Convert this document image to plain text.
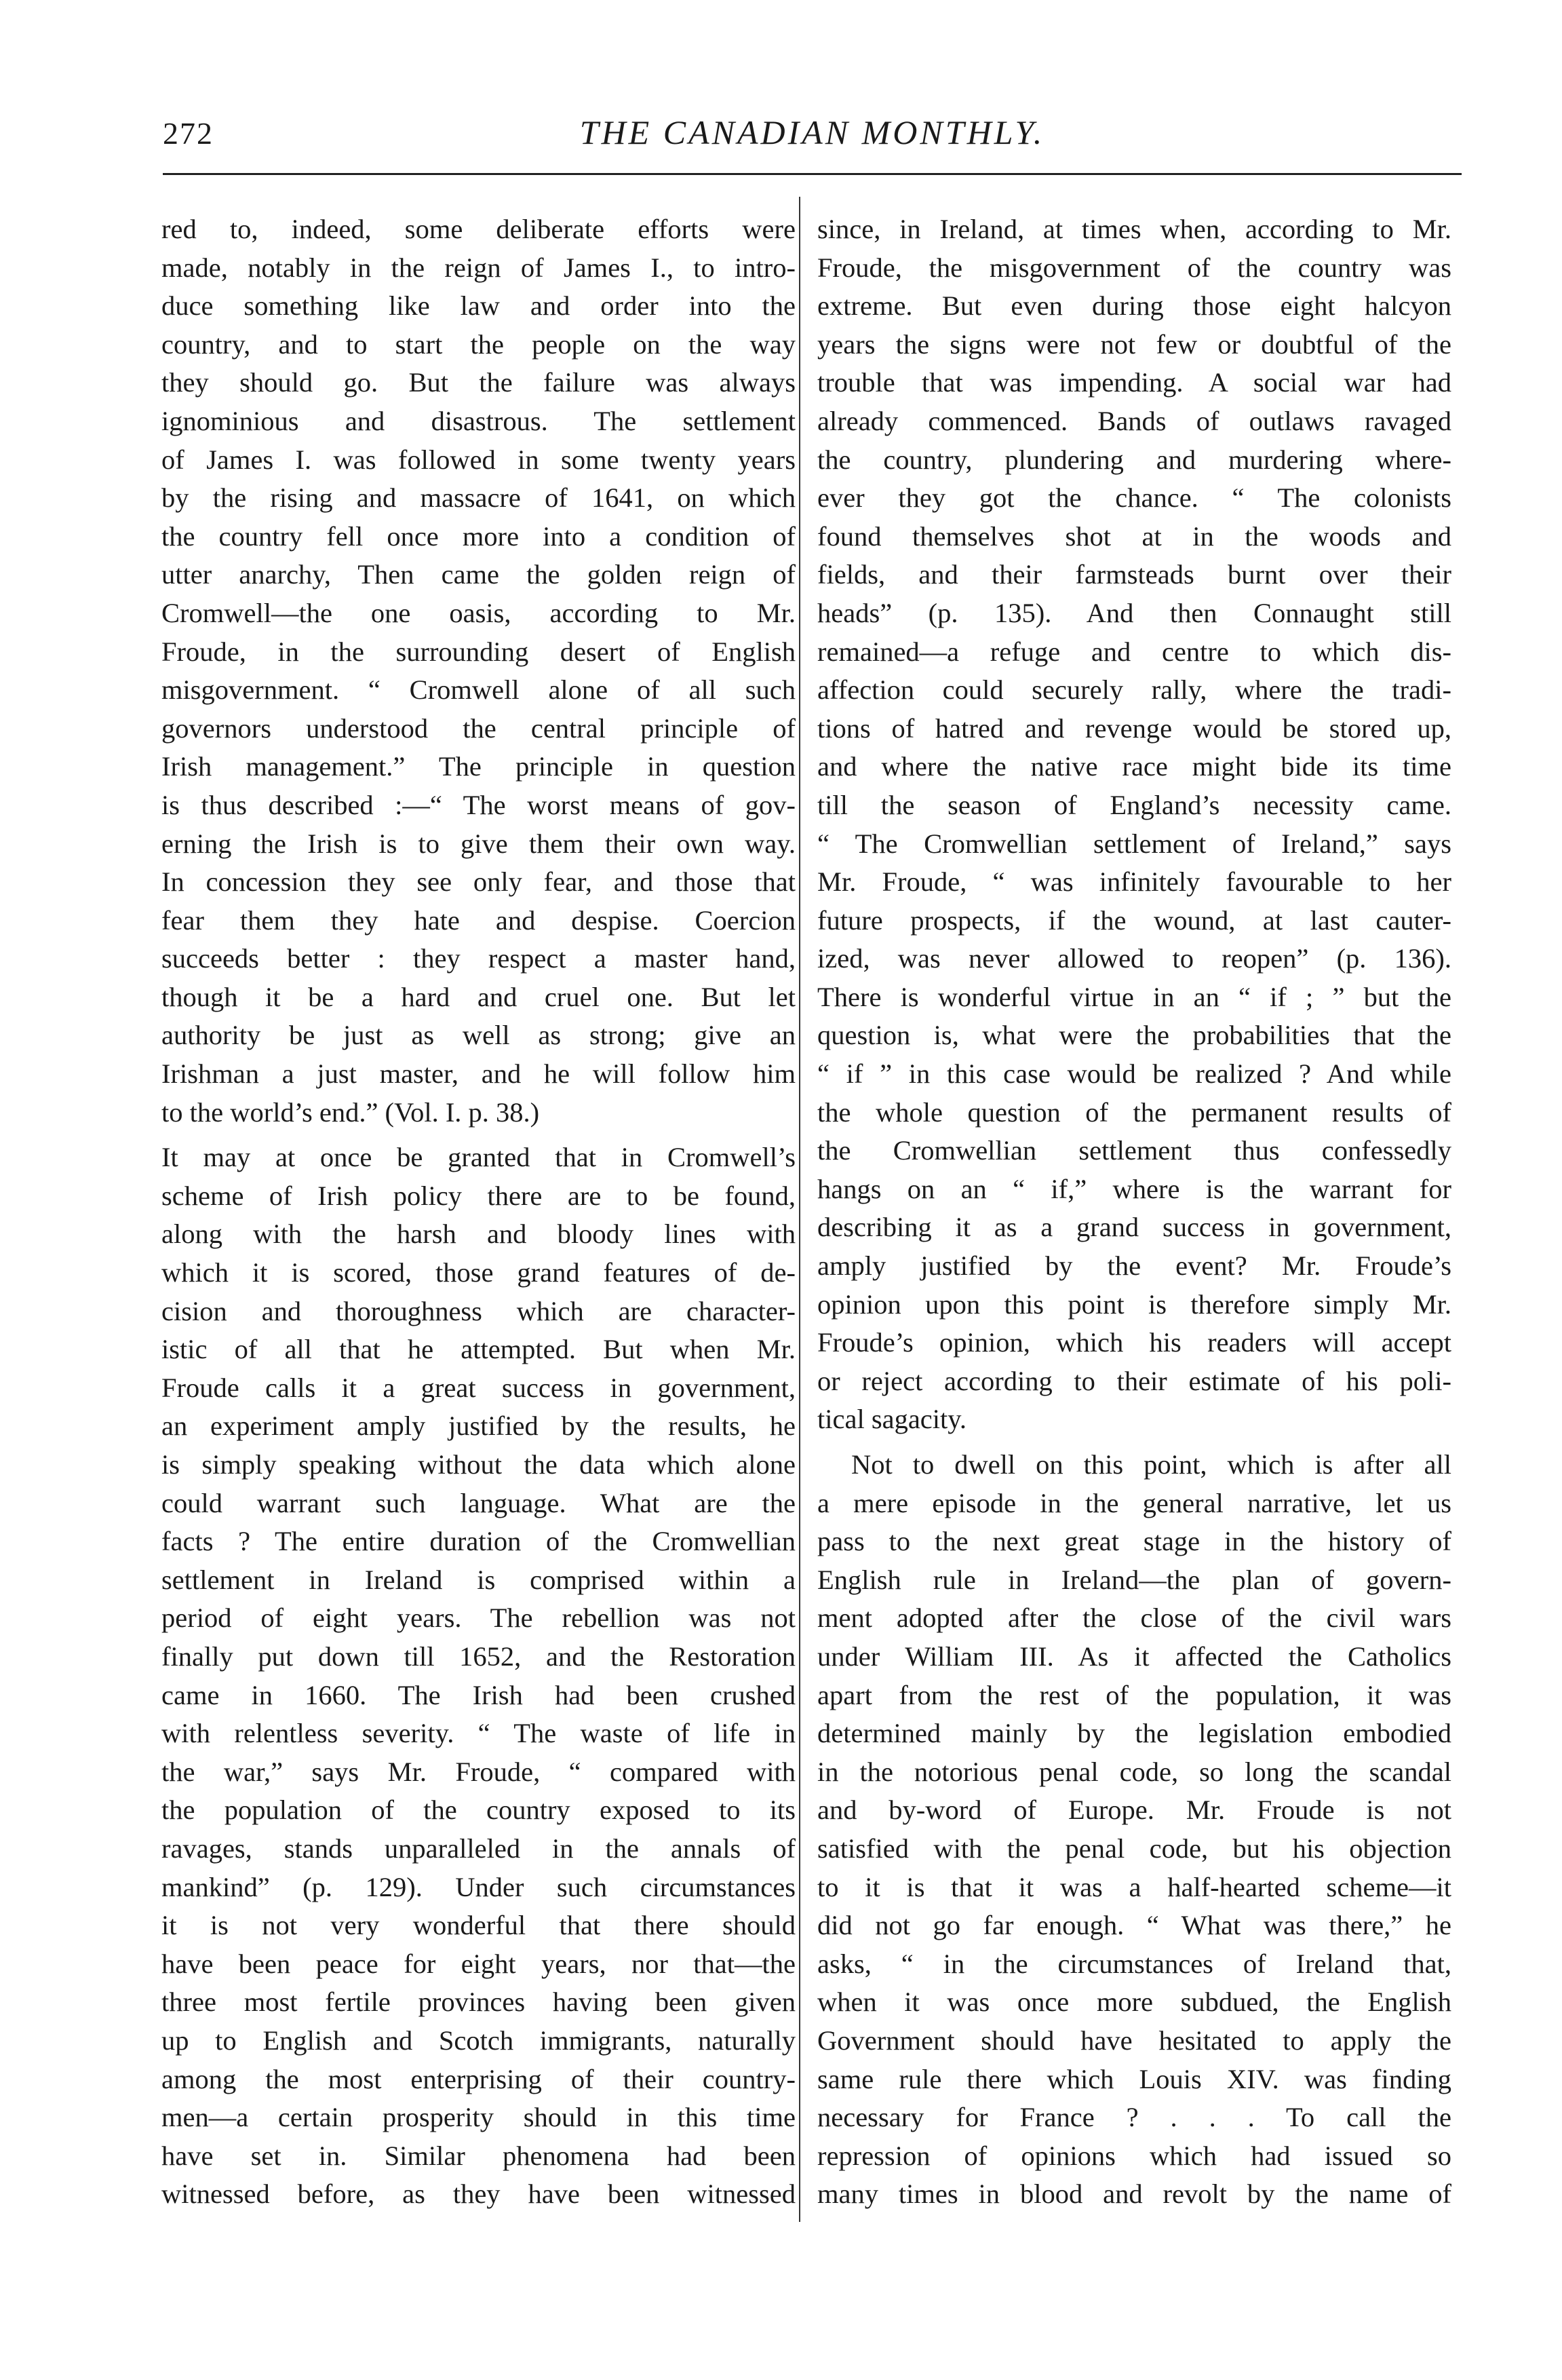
272	THE CANADIAN MONTHLY.
red to, indeed, some deliberate efforts were
made, notably in the reign of James I., to intro-
duce something like law and order into the
country, and to start the people on the way
they should go. But the failure was always
ignominious and disastrous. The settlement
of James I. was followed in some twenty years
by the rising and massacre of 1641, on which
the country fell once more into a condition of
utter anarchy, Then came the golden reign of
Cromwell—the one oasis, according to Mr.
Froude, in the surrounding desert of English
misgovernment. “ Cromwell alone of all such
governors understood the central principle of
Irish management.” The principle in question
is thus described :—“ The worst means of gov-
erning the Irish is to give them their own way.
In concession they see only fear, and those that
fear them they hate and despise. Coercion
succeeds better : they respect a master hand,
though it be a hard and cruel one. But let
authority be just as well as strong; give an
Irishman a just master, and he will follow him
to the world’s end.” (Vol. I. p. 38.)
It may at once be granted that in Cromwell’s
scheme of Irish policy there are to be found,
along with the harsh and bloody lines with
which it is scored, those grand features of de-
cision and thoroughness which are character-
istic of all that he attempted. But when Mr.
Froude calls it a great success in government,
an experiment amply justified by the results, he
is simply speaking without the data which alone
could warrant such language. What are the
facts ? The entire duration of the Cromwellian
settlement in Ireland is comprised within a
period of eight years. The rebellion was not
finally put down till 1652, and the Restoration
came in 1660. The Irish had been crushed
with relentless severity. “ The waste of life in
the war,” says Mr. Froude, “ compared with
the population of the country exposed to its
ravages, stands unparalleled in the annals of
mankind” (p. 129). Under such circumstances
it is not very wonderful that there should
have been peace for eight years, nor that—the
three most fertile provinces having been given
up to English and Scotch immigrants, naturally
among the most enterprising of their country-
men—a certain prosperity should in this time
have set in. Similar phenomena had been
witnessed before, as they have been witnessed
since, in Ireland, at times when, according to Mr.
Froude, the misgovernment of the country was
extreme. But even during those eight halcyon
years the signs were not few or doubtful of the
trouble that was impending. A social war had
already commenced. Bands of outlaws ravaged
the country, plundering and murdering where-
ever they got the chance. “ The colonists
found themselves shot at in the woods and
fields, and their farmsteads burnt over their
heads” (p. 135). And then Connaught still
remained—a refuge and centre to which dis-
affection could securely rally, where the tradi-
tions of hatred and revenge would be stored up,
and where the native race might bide its time
till the season of England’s necessity came.
“ The Cromwellian settlement of Ireland,” says
Mr. Froude, “ was infinitely favourable to her
future prospects, if the wound, at last cauter-
ized, was never allowed to reopen” (p. 136).
There is wonderful virtue in an “ if ; ” but the
question is, what were the probabilities that the
“ if ” in this case would be realized ? And while
the whole question of the permanent results of
the Cromwellian settlement thus confessedly
hangs on an “ if,” where is the warrant for
describing it as a grand success in government,
amply justified by the event? Mr. Froude’s
opinion upon this point is therefore simply Mr.
Froude’s opinion, which his readers will accept
or reject according to their estimate of his poli-
tical sagacity.
Not to dwell on this point, which is after all
a mere episode in the general narrative, let us
pass to the next great stage in the history of
English rule in Ireland—the plan of govern-
ment adopted after the close of the civil wars
under William III. As it affected the Catholics
apart from the rest of the population, it was
determined mainly by the legislation embodied
in the notorious penal code, so long the scandal
and by-word of Europe. Mr. Froude is not
satisfied with the penal code, but his objection
to it is that it was a half-hearted scheme—it
did not go far enough. “ What was there,” he
asks, “ in the circumstances of Ireland that,
when it was once more subdued, the English
Government should have hesitated to apply the
same rule there which Louis XIV. was finding
necessary for France ? . . . To call the
repression of opinions which had issued so
many times in blood and revolt by the name of
